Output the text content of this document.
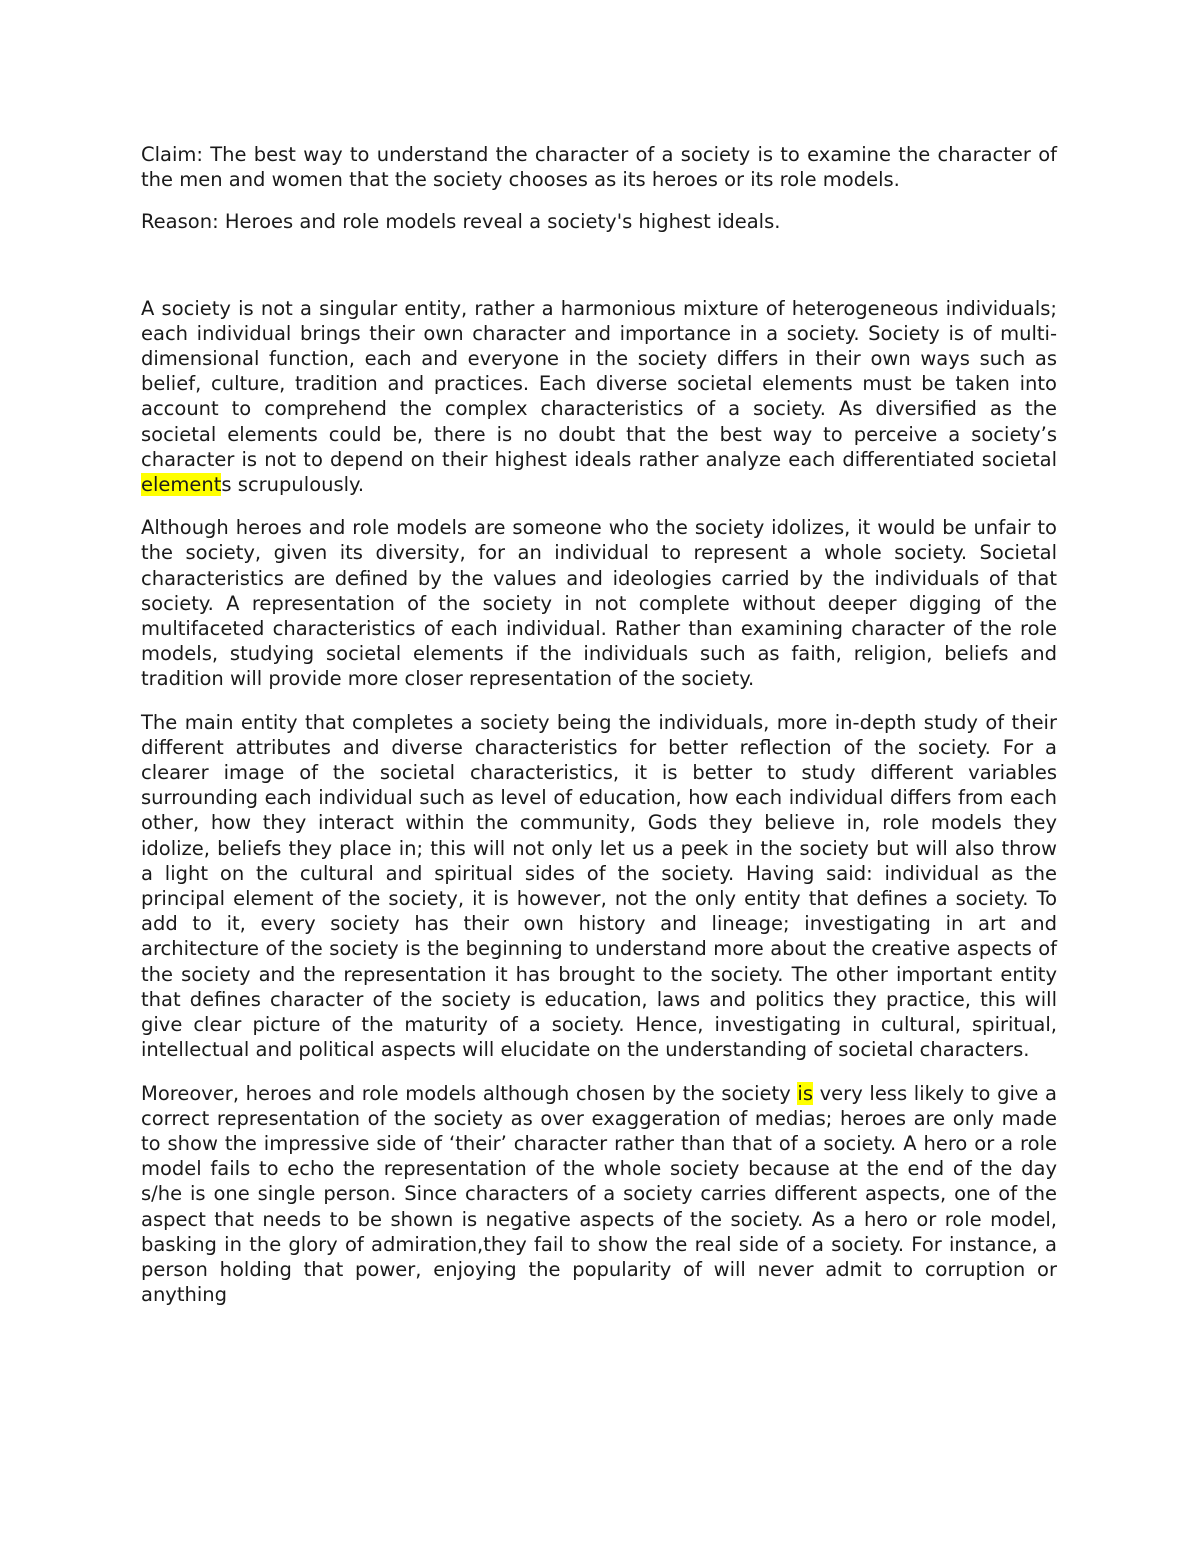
Claim: The best way to understand the character of a society is to examine the character of the men and women that the society chooses as its heroes or its role models.

Reason: Heroes and role models reveal a society's highest ideals.

A society is not a singular entity, rather a harmonious mixture of heterogeneous individuals; each individual brings their own character and importance in a society. Society is of multi-dimensional function, each and everyone in the society differs in their own ways such as belief, culture, tradition and practices. Each diverse societal elements must be taken into account to comprehend the complex characteristics of a society. As diversified as the societal elements could be, there is no doubt that the best way to perceive a society’s character is not to depend on their highest ideals rather analyze each differentiated societal elements scrupulously.

Although heroes and role models are someone who the society idolizes, it would be unfair to the society, given its diversity, for an individual to represent a whole society. Societal characteristics are defined by the values and ideologies carried by the individuals of that society. A representation of the society in not complete without deeper digging of the multifaceted characteristics of each individual. Rather than examining character of the role models, studying societal elements if the individuals such as faith, religion, beliefs and tradition will provide more closer representation of the society.

The main entity that completes a society being the individuals, more in-depth study of their different attributes and diverse characteristics for better reflection of the society. For a clearer image of the societal characteristics, it is better to study different variables surrounding each individual such as level of education, how each individual differs from each other, how they interact within the community, Gods they believe in, role models they idolize, beliefs they place in; this will not only let us a peek in the society but will also throw a light on the cultural and spiritual sides of the society. Having said: individual as the principal element of the society, it is however, not the only entity that defines a society. To add to it, every society has their own history and lineage; investigating in art and architecture of the society is the beginning to understand more about the creative aspects of the society and the representation it has brought to the society. The other important entity that defines character of the society is education, laws and politics they practice, this will give clear picture of the maturity of a society. Hence, investigating in cultural, spiritual, intellectual and political aspects will elucidate on the understanding of societal characters.

Moreover, heroes and role models although chosen by the society is very less likely to give a correct representation of the society as over exaggeration of medias; heroes are only made to show the impressive side of ‘their’ character rather than that of a society. A hero or a role model fails to echo the representation of the whole society because at the end of the day s/he is one single person. Since characters of a society carries different aspects, one of the aspect that needs to be shown is negative aspects of the society. As a hero or role model, basking in the glory of admiration,they fail to show the real side of a society. For instance, a person holding that power, enjoying the popularity of will never admit to corruption or anything
